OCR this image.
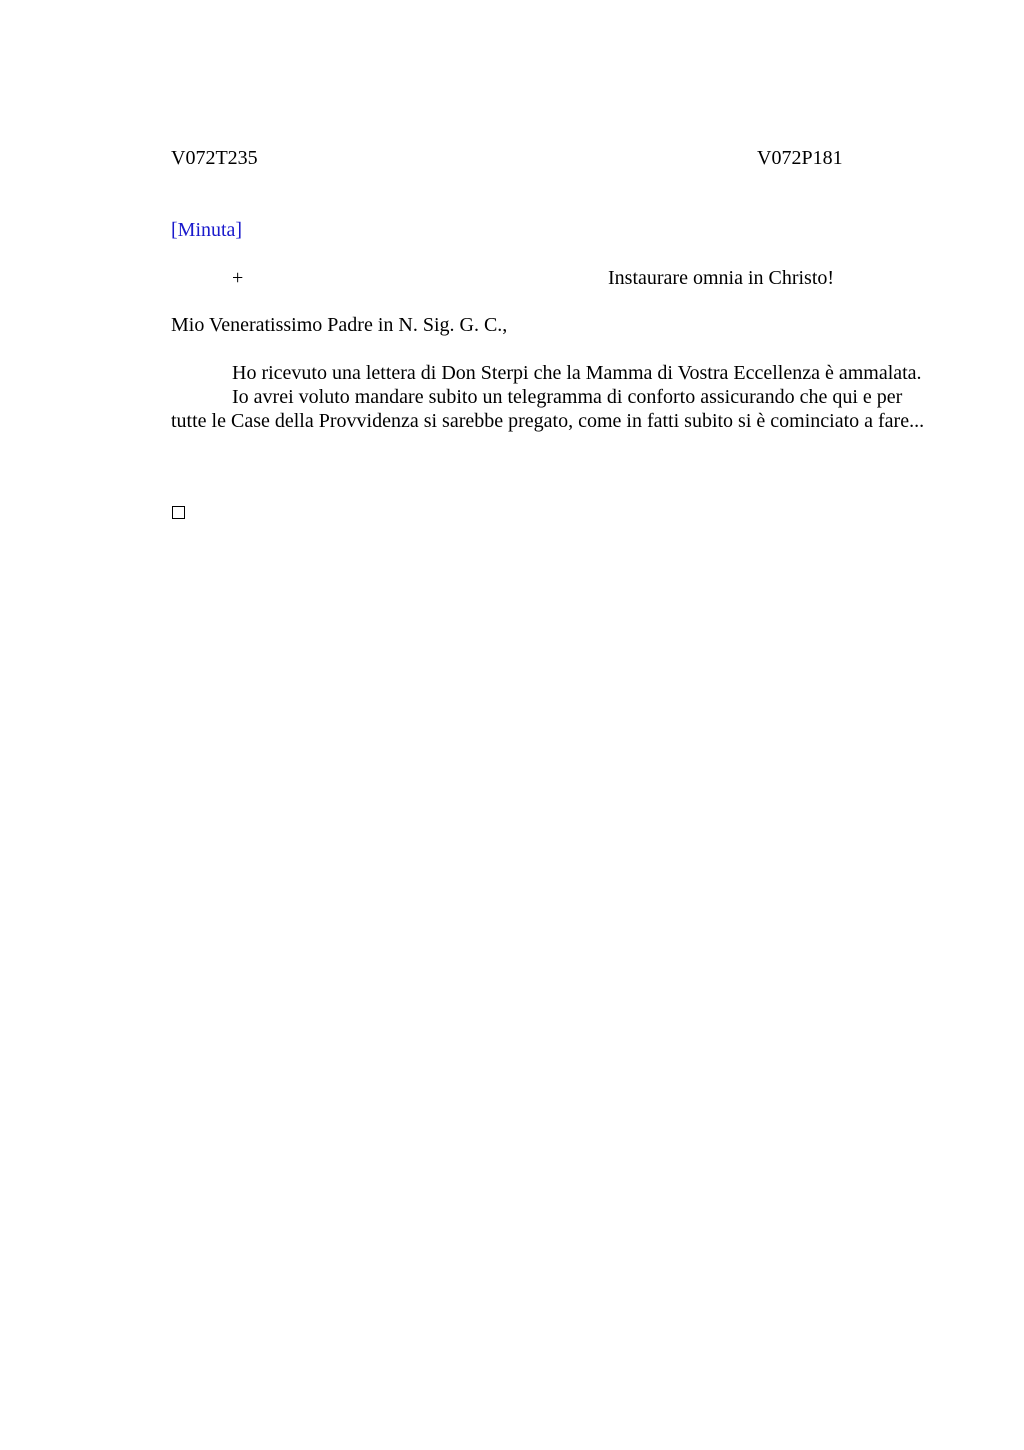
V072T235	V072P181
[Minuta]
+	Instaurare omnia in Christo!
Mio Veneratissimo Padre in N. Sig. G. C.,

Ho ricevuto una lettera di Don Sterpi che la Mamma di Vostra Eccellenza è ammalata.

Io avrei voluto mandare subito un telegramma di conforto assicurando che qui e per tutte le Case della Provvidenza si sarebbe pregato, come in fatti subito si è cominciato a fare...
